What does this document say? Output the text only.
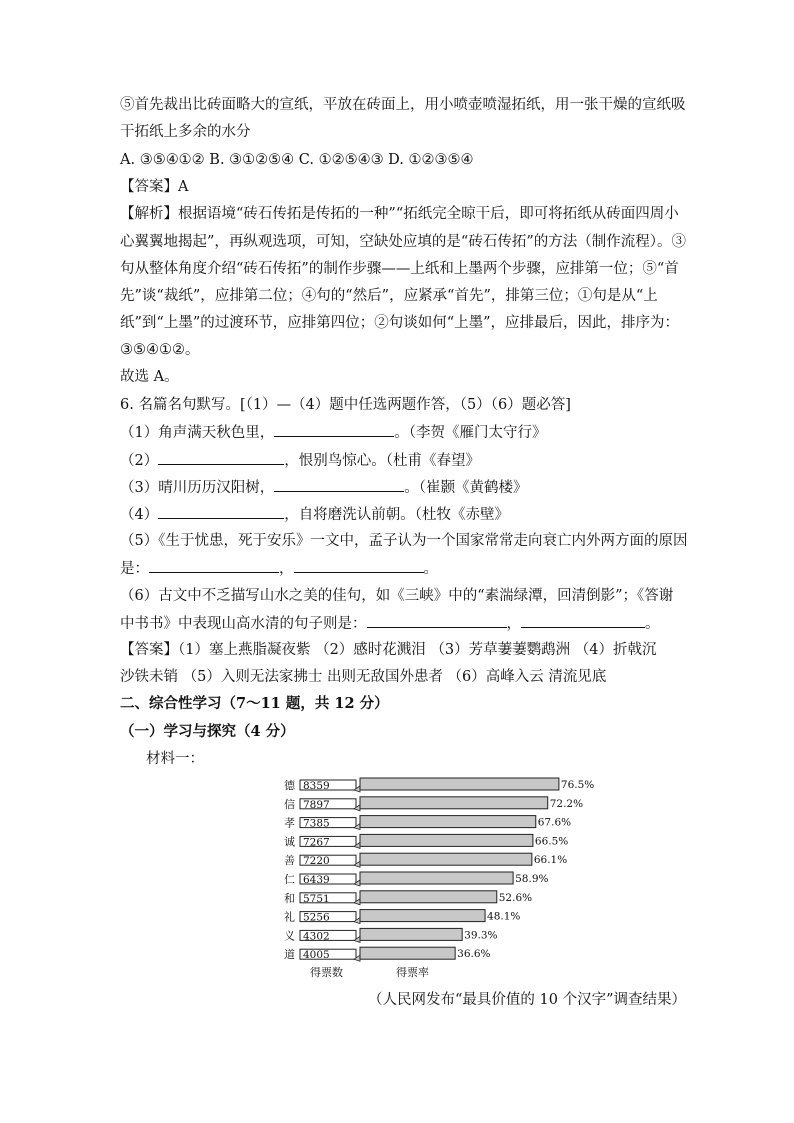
⑤首先裁出比砖面略大的宣纸，平放在砖面上，用小喷壶喷湿拓纸，用一张干燥的宣纸吸
干拓纸上多余的水分
A. ③⑤④①② B. ③①②⑤④ C. ①②⑤④③ D. ①②③⑤④
【答案】A
【解析】根据语境“砖石传拓是传拓的一种”“拓纸完全晾干后，即可将拓纸从砖面四周小
心翼翼地揭起”，再纵观选项，可知，空缺处应填的是“砖石传拓”的方法（制作流程）。③
句从整体角度介绍“砖石传拓”的制作步骤——上纸和上墨两个步骤，应排第一位；⑤“首
先”谈“裁纸”，应排第二位；④句的“然后”，应紧承“首先”，排第三位；①句是从“上
纸”到“上墨”的过渡环节，应排第四位；②句谈如何“上墨”，应排最后，因此，排序为：
③⑤④①②。
故选 A。
6. 名篇名句默写。[（1）—（4）题中任选两题作答，（5）（6）题必答]
（1）角声满天秋色里，	。（李贺《雁门太守行》
（2）	，恨别鸟惊心。（杜甫《春望》
（3）晴川历历汉阳树，	。（崔颢《黄鹤楼》
（4）	，自将磨洗认前朝。（杜牧《赤壁》
（5）《生于忧患，死于安乐》一文中，孟子认为一个国家常常走向衰亡内外两方面的原因
是：	，	。
（6）古文中不乏描写山水之美的佳句，如《三峡》中的“素湍绿潭，回清倒影”；《答谢
中书书》中表现山高水清的句子则是：	，	。
【答案】（1）塞上燕脂凝夜紫 （2）感时花溅泪 （3）芳草萋萋鹦鹉洲 （4）折戟沉
沙铁未销 （5）入则无法家拂士 出则无敌国外患者 （6）高峰入云 清流见底
二、综合性学习（7～11 题，共 12 分）
（一）学习与探究（4 分）
材料一：
德 8359	76.5%
信 7897	72.2%
孝 7385	67.6%
诚 7267	66.5%
善 7220	66.1%
仁 6439	58.9%
和 5751	52.6%
礼 5256	48.1%
义 4302	39.3%
道 4005	36.6%
得票数	得票率
（人民网发布“最具价值的 10 个汉字”调查结果）
